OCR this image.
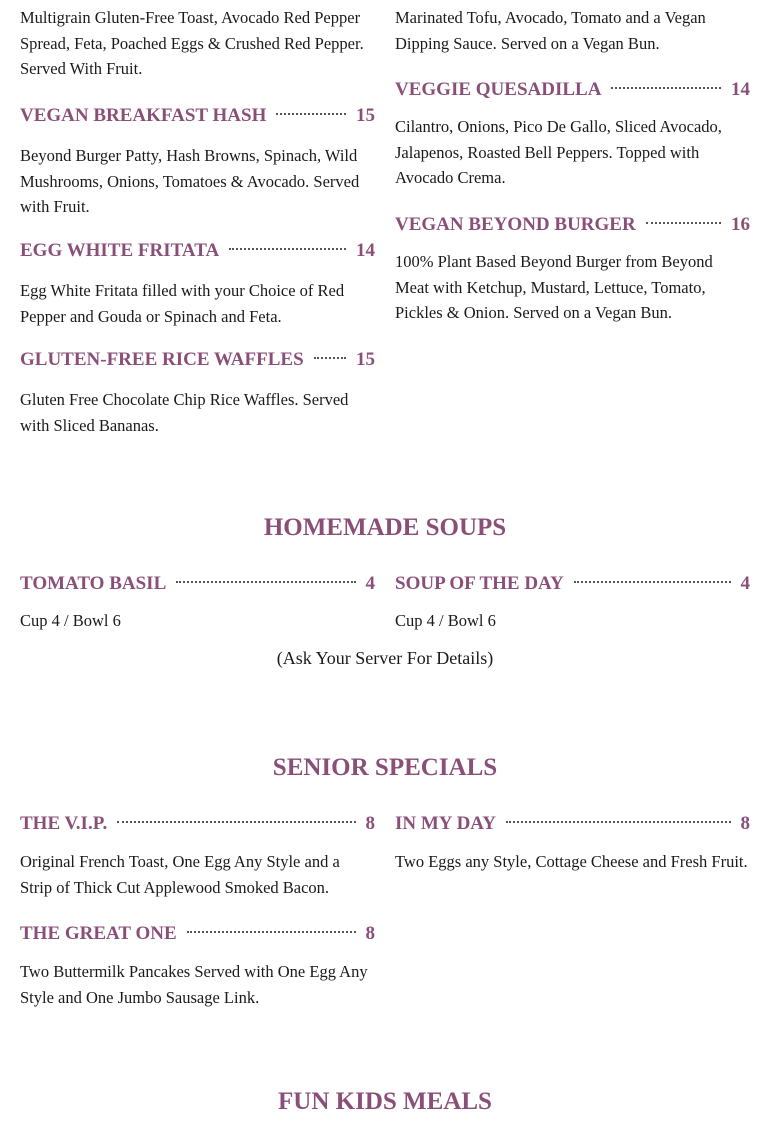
Multigrain Gluten-Free Toast, Avocado Red Pepper Spread, Feta, Poached Eggs & Crushed Red Pepper. Served With Fruit.

VEGAN BREAKFAST HASH	15

Beyond Burger Patty, Hash Browns, Spinach, Wild Mushrooms, Onions, Tomatoes & Avocado. Served with Fruit.

EGG WHITE FRITATA	14

Egg White Fritata filled with your Choice of Red Pepper and Gouda or Spinach and Feta.

GLUTEN-FREE RICE WAFFLES	15

Gluten Free Chocolate Chip Rice Waffles. Served with Sliced Bananas.

Marinated Tofu, Avocado, Tomato and a Vegan Dipping Sauce. Served on a Vegan Bun.

VEGGIE QUESADILLA	14

Cilantro, Onions, Pico De Gallo, Sliced Avocado, Jalapenos, Roasted Bell Peppers. Topped with Avocado Crema.

VEGAN BEYOND BURGER	16

100% Plant Based Beyond Burger from Beyond Meat with Ketchup, Mustard, Lettuce, Tomato, Pickles & Onion. Served on a Vegan Bun.

HOMEMADE SOUPS
TOMATO BASIL	4

Cup 4 / Bowl 6

SOUP OF THE DAY	4

Cup 4 / Bowl 6

(Ask Your Server For Details)
SENIOR SPECIALS
THE V.I.P.	8

Original French Toast, One Egg Any Style and a Strip of Thick Cut Applewood Smoked Bacon.

IN MY DAY	8

Two Eggs any Style, Cottage Cheese and Fresh Fruit.

THE GREAT ONE	8

Two Buttermilk Pancakes Served with One Egg Any Style and One Jumbo Sausage Link.

FUN KIDS MEALS
